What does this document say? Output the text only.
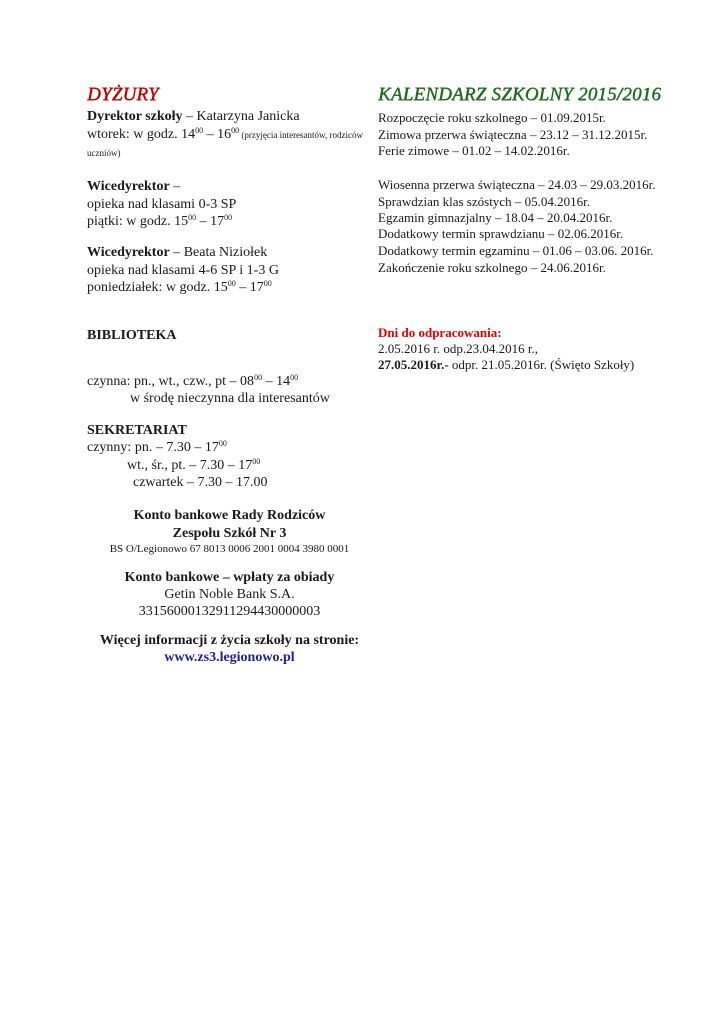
DYŻURY
Dyrektor szkoły – Katarzyna Janicka
wtorek: w godz. $14^{00} - 16^{00}$ (przyjęcia interesantów, rodziców uczniów)
Wicedyrektor –
opieka nad klasami 0-3 SP
piątki: w godz. $15^{00} - 17^{00}$
Wicedyrektor – Beata Niziołek
opieka nad klasami 4-6 SP i 1-3 G
poniedziałek: w godz. $15^{00} - 17^{00}$
BIBLIOTEKA
czynna: pn., wt., czw., pt – $08^{00} - 14^{00}$
w środę nieczynna dla interesantów
SEKRETARIAT
czynny: pn. – $7.30 - 17^{00}$
wt., śr., pt. – $7.30 - 17^{00}$
czwartek – 7.30 – 17.00
Konto bankowe Rady Rodziców
Zespołu Szkół Nr 3
BS O/Legionowo 67 8013 0006 2001 0004 3980 0001
Konto bankowe – wpłaty za obiady
Getin Noble Bank S.A.
33156000132911294430000003
Więcej informacji z życia szkoły na stronie:
www.zs3.legionowo.pl
KALENDARZ SZKOLNY 2015/2016
Rozpoczęcie roku szkolnego – 01.09.2015r.
Zimowa przerwa świąteczna – 23.12 – 31.12.2015r.
Ferie zimowe – 01.02 – 14.02.2016r.
Wiosenna przerwa świąteczna – 24.03 – 29.03.2016r.
Sprawdzian klas szóstych – 05.04.2016r.
Egzamin gimnazjalny – 18.04 – 20.04.2016r.
Dodatkowy termin sprawdzianu – 02.06.2016r.
Dodatkowy termin egzaminu – 01.06 – 03.06. 2016r.
Zakończenie roku szkolnego – 24.06.2016r.
Dni do odpracowania:
2.05.2016 r. odp.23.04.2016 r.,
27.05.2016r.- odpr. 21.05.2016r. (Święto Szkoły)
